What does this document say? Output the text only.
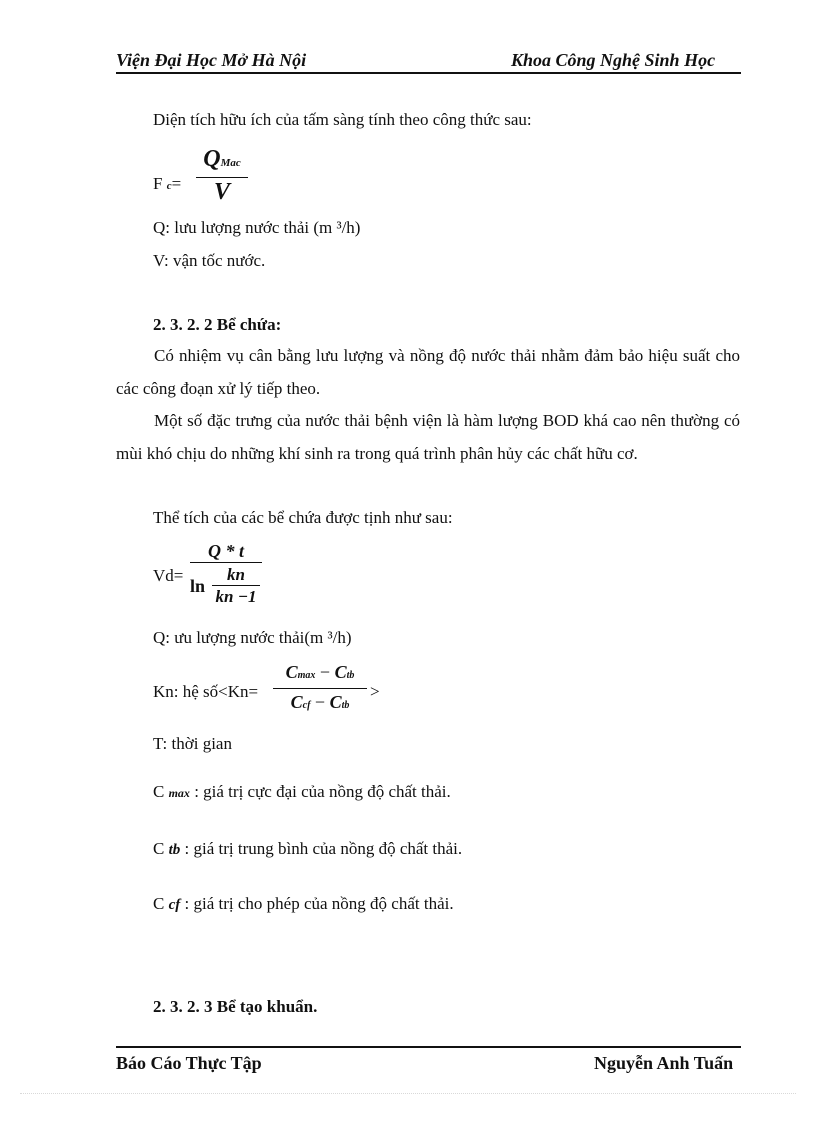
Viện Đại Học Mở Hà Nội	Khoa Công Nghệ Sinh Học
Diện tích hữu ích của tấm sàng tính theo công thức sau:
F c=
QMac
V
Q: lưu lượng nước thải (m ³/h)
V: vận tốc nước.
2. 3. 2. 2 Bể chứa:
Có nhiệm vụ cân bằng lưu lượng và nồng độ nước thải nhằm đảm bảo hiệu suất cho các công đoạn xử lý tiếp theo.
Một số đặc trưng của nước thải bệnh viện là hàm lượng BOD khá cao nên thường có mùi khó chịu do những khí sinh ra trong quá trình phân hủy các chất hữu cơ.
Thể tích của các bể chứa được tịnh như sau:
Vd=
Q * t
ln
kn
kn −1
Q: ưu lượng nước thải(m ³/h)
Kn: hệ số<Kn=
Cmax − Ctb
Ccf − Ctb
>
T: thời gian
C max : giá trị cực đại của nồng độ chất thải.
C tb : giá trị trung bình của nồng độ chất thải.
C cf : giá trị cho phép của nồng độ chất thải.
2. 3. 2. 3 Bể tạo khuẩn.
Báo Cáo Thực Tập	Nguyễn Anh Tuấn
